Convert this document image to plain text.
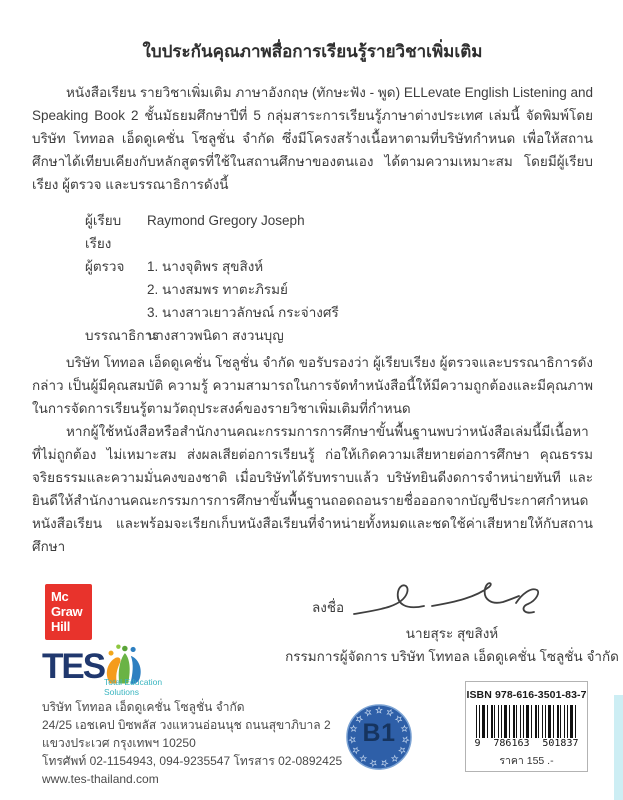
ใบประกันคุณภาพสื่อการเรียนรู้รายวิชาเพิ่มเติม
หนังสือเรียน รายวิชาเพิ่มเติม ภาษาอังกฤษ (ทักษะฟัง - พูด) ELLevate English Listening and Speaking Book 2 ชั้นมัธยมศึกษาปีที่ 5 กลุ่มสาระการเรียนรู้ภาษาต่างประเทศ เล่มนี้ จัดพิมพ์โดยบริษัท โททอล เอ็ดดูเคชั่น โซลูชั่น จำกัด ซึ่งมีโครงสร้างเนื้อหาตามที่บริษัทกำหนด เพื่อให้สถานศึกษาได้เทียบเคียงกับหลักสูตรที่ใช้ในสถานศึกษาของตนเอง ได้ตามความเหมาะสม โดยมีผู้เรียบเรียง ผู้ตรวจ และบรรณาธิการดังนี้
ผู้เรียบเรียง
Raymond Gregory Joseph
ผู้ตรวจ	1. นางจุติพร สุขสิงห์
2. นางสมพร ทาตะภิรมย์
3. นางสาวเยาวลักษณ์ กระจ่างศรี
บรรณาธิการ
นางสาวพนิดา สงวนบุญ
บริษัท โททอล เอ็ดดูเคชั่น โซลูชั่น จำกัด ขอรับรองว่า ผู้เรียบเรียง ผู้ตรวจและบรรณาธิการดังกล่าว เป็นผู้มีคุณสมบัติ ความรู้ ความสามารถในการจัดทำหนังสือนี้ให้มีความถูกต้องและมีคุณภาพในการจัดการเรียนรู้ตามวัตถุประสงค์ของรายวิชาเพิ่มเติมที่กำหนด
หากผู้ใช้หนังสือหรือสำนักงานคณะกรรมการการศึกษาขั้นพื้นฐานพบว่าหนังสือเล่มนี้มีเนื้อหาที่ไม่ถูกต้อง ไม่เหมาะสม ส่งผลเสียต่อการเรียนรู้ ก่อให้เกิดความเสียหายต่อการศึกษา คุณธรรม จริยธรรมและความมั่นคงของชาติ เมื่อบริษัทได้รับทราบแล้ว บริษัทยินดีงดการจำหน่ายทันที และยินดีให้สำนักงานคณะกรรมการการศึกษาขั้นพื้นฐานถอดถอนรายชื่อออกจากบัญชีประกาศกำหนดหนังสือเรียน และพร้อมจะเรียกเก็บหนังสือเรียนที่จำหน่ายทั้งหมดและชดใช้ค่าเสียหายให้กับสถานศึกษา
ลงชื่อ
นายสุระ สุขสิงห์
กรรมการผู้จัดการ บริษัท โททอล เอ็ดดูเคชั่น โซลูชั่น จำกัด
Mc
Graw
Hill
TES Total Education
Solutions
บริษัท โททอล เอ็ดดูเคชั่น โซลูชั่น จำกัด
24/25 เอชเคป บิซพลัส วงแหวนอ่อนนุช ถนนสุขาภิบาล 2
แขวงประเวศ กรุงเทพฯ 10250
โทรศัพท์ 02-1154943, 094-9235547 โทรสาร 02-0892425
www.tes-thailand.com
B1
ISBN 978-616-3501-83-7
9 786163 501837
ราคา 155 .-
